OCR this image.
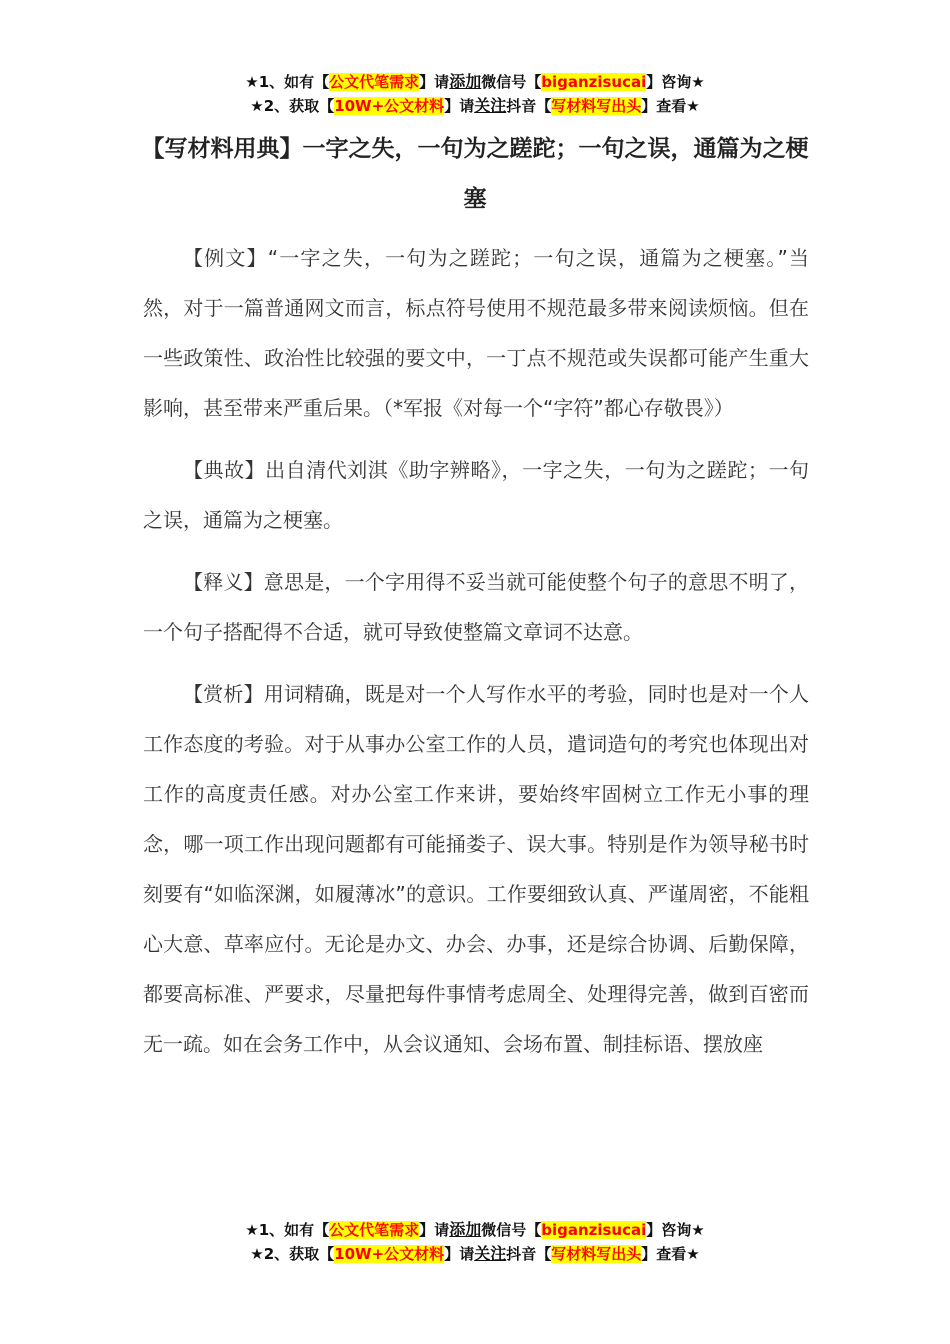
★1、如有【公文代笔需求】请添加微信号【biganzisucai】咨询★
★2、获取【10W+公文材料】请关注抖音【写材料写出头】查看★
【写材料用典】一字之失，一句为之蹉跎；一句之误，通篇为之梗塞

【例文】“一字之失，一句为之蹉跎；一句之误，通篇为之梗塞。”当然，对于一篇普通网文而言，标点符号使用不规范最多带来阅读烦恼。但在一些政策性、政治性比较强的要文中，一丁点不规范或失误都可能产生重大影响，甚至带来严重后果。（*军报《对每一个“字符”都心存敬畏》）

【典故】出自清代刘淇《助字辨略》，一字之失，一句为之蹉跎；一句之误，通篇为之梗塞。

【释义】意思是，一个字用得不妥当就可能使整个句子的意思不明了，一个句子搭配得不合适，就可导致使整篇文章词不达意。

【赏析】用词精确，既是对一个人写作水平的考验，同时也是对一个人工作态度的考验。对于从事办公室工作的人员，遣词造句的考究也体现出对工作的高度责任感。对办公室工作来讲，要始终牢固树立工作无小事的理念，哪一项工作出现问题都有可能捅娄子、误大事。特别是作为领导秘书时刻要有“如临深渊，如履薄冰”的意识。工作要细致认真、严谨周密，不能粗心大意、草率应付。无论是办文、办会、办事，还是综合协调、后勤保障，都要高标准、严要求，尽量把每件事情考虑周全、处理得完善，做到百密而无一疏。如在会务工作中，从会议通知、会场布置、制挂标语、摆放座

★1、如有【公文代笔需求】请添加微信号【biganzisucai】咨询★
★2、获取【10W+公文材料】请关注抖音【写材料写出头】查看★
